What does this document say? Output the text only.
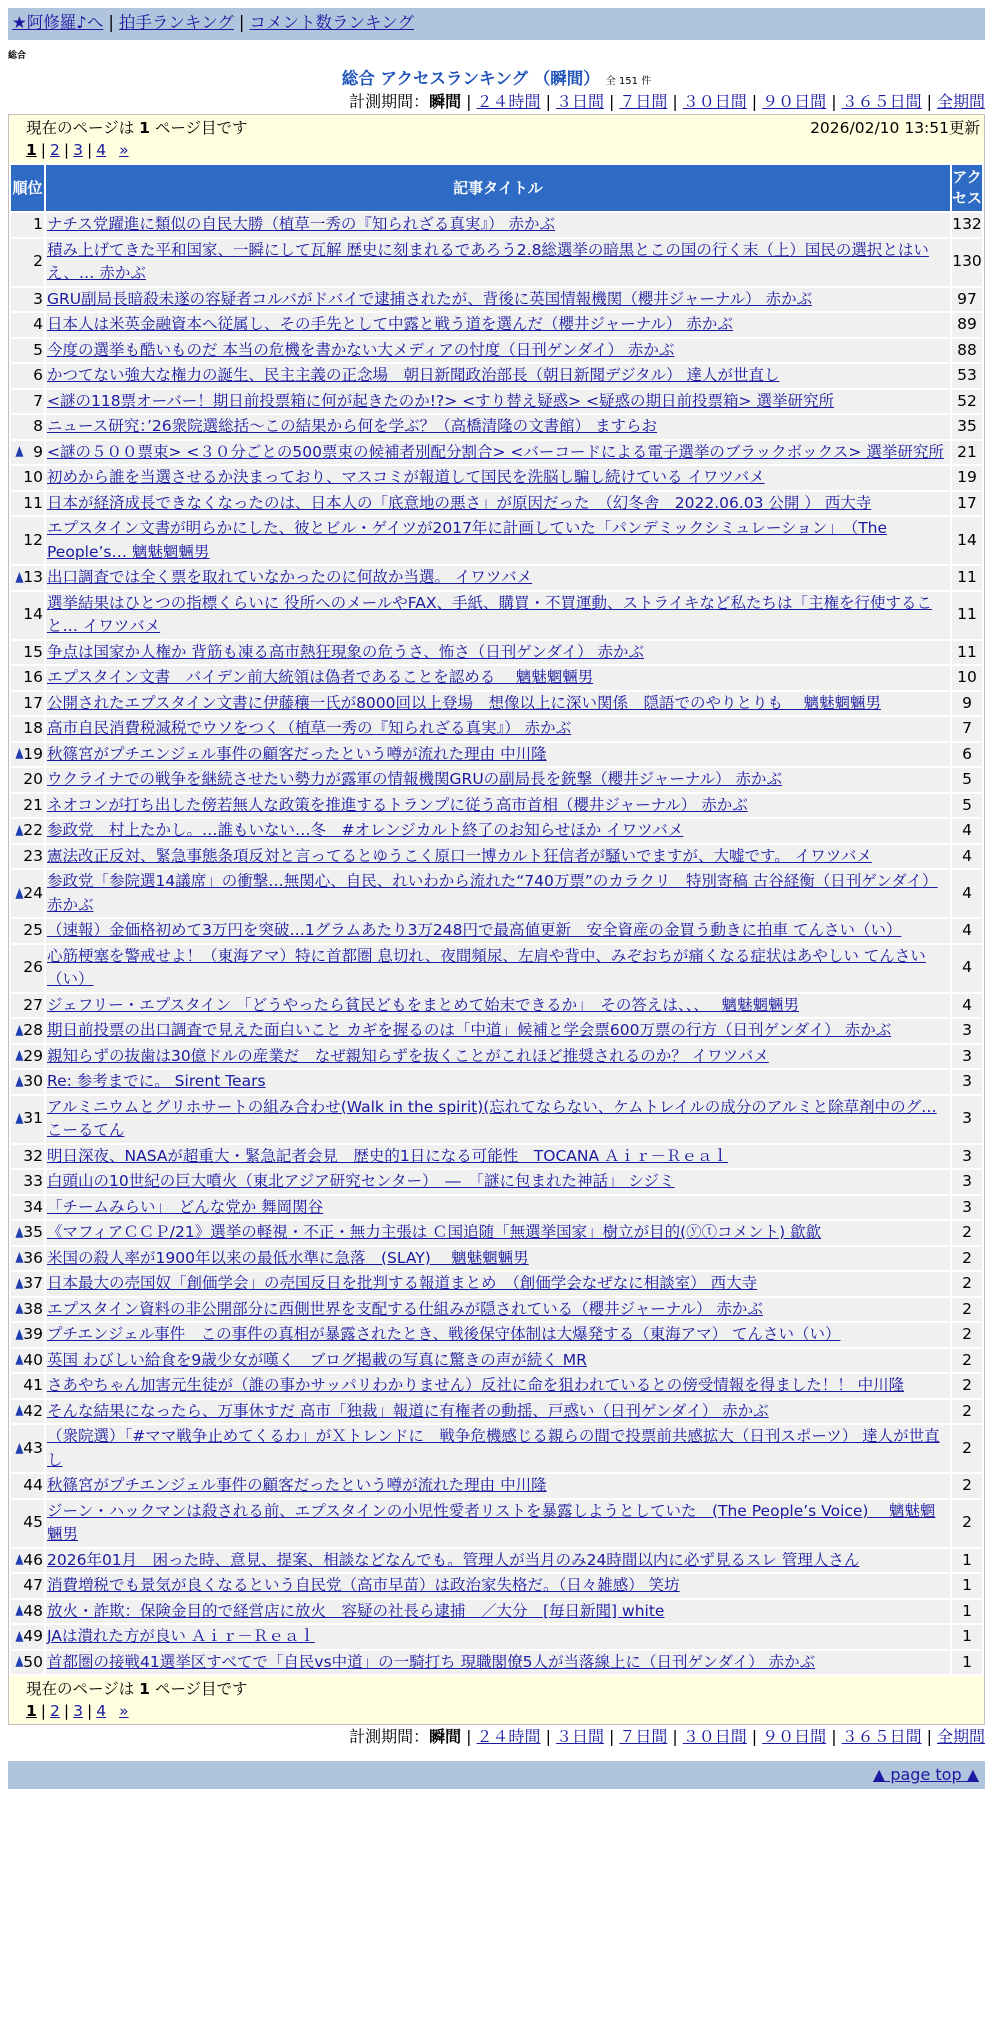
★阿修羅♪へ | 拍手ランキング | コメント数ランキング
総合
総合 アクセスランキング （瞬間） 全 151 件
計測期間：瞬間 | ２４時間 | ３日間 | ７日間 | ３０日間 | ９０日間 | ３６５日間 | 全期間
現在のページは 1 ページ目です	2026/02/10 13:51更新
1 | 2 | 3 | 4 »
順位	記事タイトル	アクセス
1	ナチス党躍進に類似の自民大勝（植草一秀の『知られざる真実』） 赤かぶ	132
2	積み上げてきた平和国家、一瞬にして瓦解 歴史に刻まれるであろう2.8総選挙の暗黒とこの国の行く末（上）国民の選択とはいえ、… 赤かぶ	130
3	GRU副局長暗殺未遂の容疑者コルバがドバイで逮捕されたが、背後に英国情報機関（櫻井ジャーナル） 赤かぶ	97
4	日本人は米英金融資本へ従属し、その手先として中露と戦う道を選んだ（櫻井ジャーナル） 赤かぶ	89
5	今度の選挙も酷いものだ 本当の危機を書かない大メディアの忖度（日刊ゲンダイ） 赤かぶ	88
6	かつてない強大な権力の誕生、民主主義の正念場　朝日新聞政治部長（朝日新聞デジタル） 達人が世直し	53
7	<謎の118票オーバー！期日前投票箱に何が起きたのか!?> <すり替え疑惑> <疑惑の期日前投票箱> 選挙研究所	52
8	ニュース研究：’26衆院選総括～この結果から何を学ぶ？（高橋清隆の文書館） ますらお	35

▲ 9	<謎の５００票束> <３０分ごとの500票束の候補者別配分割合> <バーコードによる電子選挙のブラックボックス> 選挙研究所	21
10	初めから誰を当選させるか決まっており、マスコミが報道して国民を洗脳し騙し続けている イワツバメ	19
11	日本が経済成長できなくなったのは、日本人の「底意地の悪さ」が原因だった　（幻冬舎　2022.06.03 公開 ） 西大寺	17
12	エプスタイン文書が明らかにした、彼とビル・ゲイツが2017年に計画していた「パンデミックシミュレーション」　（The People’s… 魑魅魍魎男	14

▲ 13	出口調査では全く票を取れていなかったのに何故か当選。 イワツバメ	11
14	選挙結果はひとつの指標くらいに 役所へのメールやFAX、手紙、購買・不買運動、ストライキなど私たちは「主権を行使すること… イワツバメ	11
15	争点は国家か人権か 背筋も凍る高市熱狂現象の危うさ、怖さ（日刊ゲンダイ） 赤かぶ	11
16	エプスタイン文書　バイデン前大統領は偽者であることを認める　 魑魅魍魎男	10
17	公開されたエプスタイン文書に伊藤穰一氏が8000回以上登場　想像以上に深い関係　隠語でのやりとりも　 魑魅魍魎男	9
18	高市自民消費税減税でウソをつく（植草一秀の『知られざる真実』） 赤かぶ	7

▲ 19	秋篠宮がプチエンジェル事件の顧客だったという噂が流れた理由 中川隆	6
20	ウクライナでの戦争を継続させたい勢力が露軍の情報機関GRUの副局長を銃撃（櫻井ジャーナル） 赤かぶ	5
21	ネオコンが打ち出した傍若無人な政策を推進するトランプに従う高市首相（櫻井ジャーナル） 赤かぶ	5

▲ 22	参政党　村上たかし。…誰もいない…冬　#オレンジカルト終了のお知らせほか イワツバメ	4
23	憲法改正反対、緊急事態条項反対と言ってるとゆうこく原口一博カルト狂信者が騒いでますが、大嘘です。 イワツバメ	4

▲ 24	参政党「参院選14議席」の衝撃…無関心、自民、れいわから流れた“740万票”のカラクリ　特別寄稿 古谷経衡（日刊ゲンダイ） 赤かぶ	4
25	（速報）金価格初めて3万円を突破…1グラムあたり3万248円で最高値更新　安全資産の金買う動きに拍車 てんさい（い）	4
26	心筋梗塞を警戒せよ！（東海アマ）特に首都圏 息切れ、夜間頻尿、左肩や背中、みぞおちが痛くなる症状はあやしい てんさい（い）	4
27	ジェフリー・エプスタイン 「どうやったら貧民どもをまとめて始末できるか」　その答えは、、、　 魑魅魍魎男	4

▲ 28	期日前投票の出口調査で見えた面白いこと カギを握るのは「中道」候補と学会票600万票の行方（日刊ゲンダイ） 赤かぶ	3

▲ 29	親知らずの抜歯は30億ドルの産業だ　なぜ親知らずを抜くことがこれほど推奨されるのか？ イワツバメ	3

▲ 30	Re: 参考までに。 Sirent Tears	3

▲ 31	アルミニウムとグリホサートの組み合わせ(Walk in the spirit)(忘れてならない、ケムトレイルの成分のアルミと除草剤中のグ… こーるてん	3
32	明日深夜、NASAが超重大・緊急記者会見　歴史的1日になる可能性　TOCANA Ａｉｒ－Ｒｅａｌ	3
33	白頭山の10世紀の巨大噴火（東北アジア研究センター）　―　「謎に包まれた神話」 シジミ	3
34	「チームみらい」　どんな党か 舞岡関谷	3

▲ 35	《マフィアＣＣＰ/21》選挙の軽視・不正・無力主張は Ｃ国追随「無選挙国家」樹立が目的(ⓨⓣコメント) 歙歙	2

▲ 36	米国の殺人率が1900年以来の最低水準に急落　(SLAY)　 魑魅魍魎男	2

▲ 37	日本最大の売国奴「創価学会」の売国反日を批判する報道まとめ　（創価学会なぜなに相談室） 西大寺	2

▲ 38	エプスタイン資料の非公開部分に西側世界を支配する仕組みが隠されている（櫻井ジャーナル） 赤かぶ	2

▲ 39	プチエンジェル事件　この事件の真相が暴露されたとき、戦後保守体制は大爆発する（東海アマ） てんさい（い）	2

▲ 40	英国 わびしい給食を9歳少女が嘆く　ブログ掲載の写真に驚きの声が続く MR	2
41	さあやちゃん加害元生徒が（誰の事かサッパリわかりません）反社に命を狙われているとの傍受情報を得ました！！ 中川隆	2

▲ 42	そんな結果になったら、万事休すだ 高市「独裁」報道に有権者の動揺、戸惑い（日刊ゲンダイ） 赤かぶ	2

▲ 43	（衆院選）「#ママ戦争止めてくるわ」がＸトレンドに　戦争危機感じる親らの間で投票前共感拡大（日刊スポーツ） 達人が世直し	2
44	秋篠宮がプチエンジェル事件の顧客だったという噂が流れた理由 中川隆	2
45	ジーン・ハックマンは殺される前、エプスタインの小児性愛者リストを暴露しようとしていた　(The People’s Voice)　 魑魅魍魎男	2

▲ 46	2026年01月　困った時、意見、提案、相談などなんでも。管理人が当月のみ24時間以内に必ず見るスレ 管理人さん	1
47	消費増税でも景気が良くなるという自民党（高市早苗）は政治家失格だ。（日々雑感） 笑坊	1

▲ 48	放火・詐欺：保険金目的で経営店に放火　容疑の社長ら逮捕　／大分　[毎日新聞] white	1

▲ 49	JAは潰れた方が良い Ａｉｒ－Ｒｅａｌ	1

▲ 50	首都圏の接戦41選挙区すべてで「自民vs中道」の一騎打ち 現職閣僚5人が当落線上に（日刊ゲンダイ） 赤かぶ	1
現在のページは 1 ページ目です
1 | 2 | 3 | 4 »
計測期間：瞬間 | ２４時間 | ３日間 | ７日間 | ３０日間 | ９０日間 | ３６５日間 | 全期間
▲ page top ▲
